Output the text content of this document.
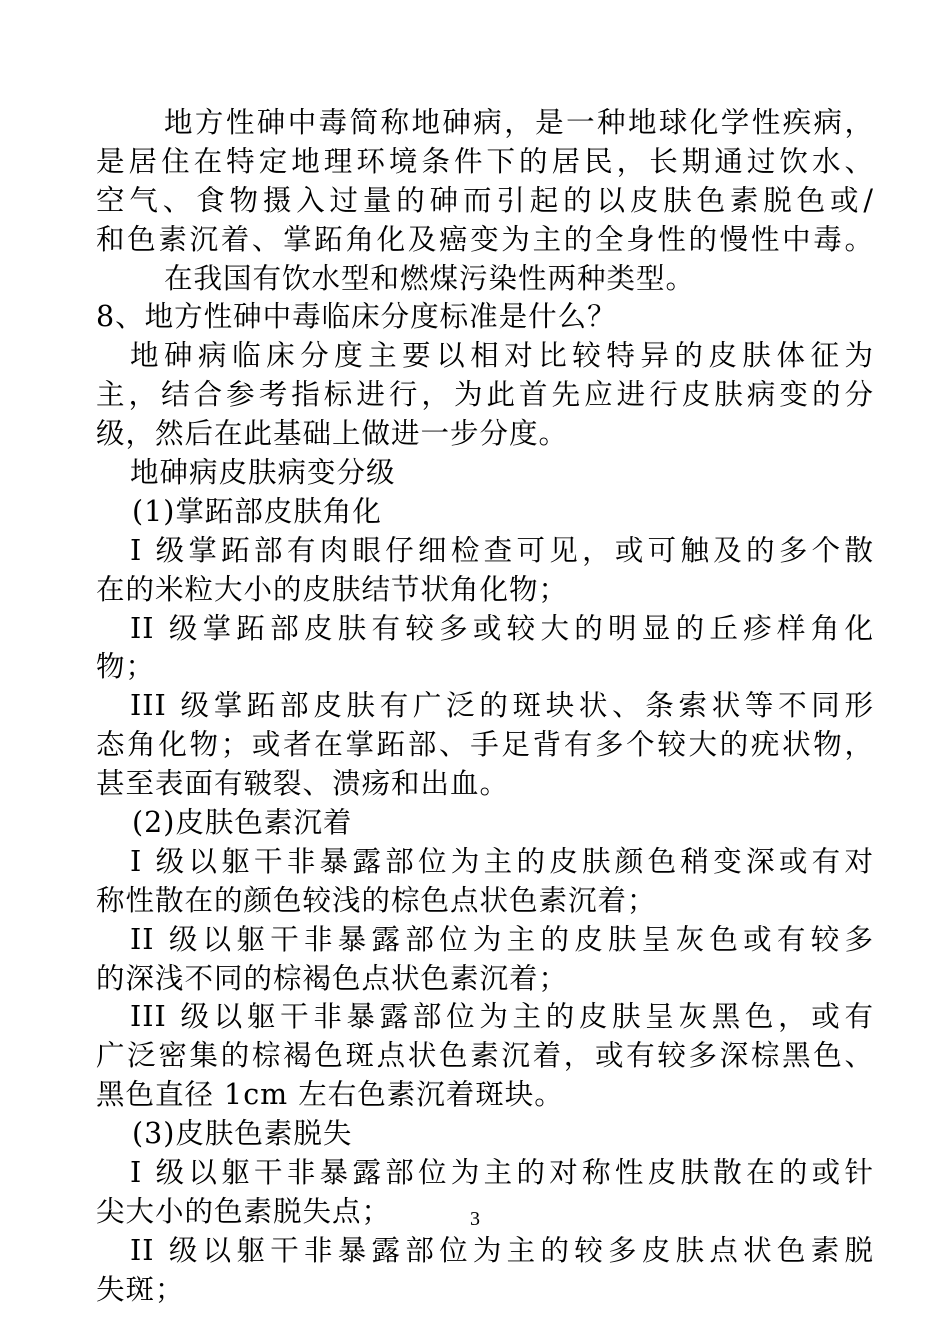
地方性砷中毒简称地砷病，是一种地球化学性疾病，
是居住在特定地理环境条件下的居民，长期通过饮水、
空气、食物摄入过量的砷而引起的以皮肤色素脱色或/
和色素沉着、掌跖角化及癌变为主的全身性的慢性中毒。
在我国有饮水型和燃煤污染性两种类型。
8、地方性砷中毒临床分度标准是什么？
地砷病临床分度主要以相对比较特异的皮肤体征为
主，结合参考指标进行，为此首先应进行皮肤病变的分
级，然后在此基础上做进一步分度。
地砷病皮肤病变分级
(1)掌跖部皮肤角化
I 级掌跖部有肉眼仔细检查可见，或可触及的多个散
在的米粒大小的皮肤结节状角化物；
II 级掌跖部皮肤有较多或较大的明显的丘疹样角化
物；
III 级掌跖部皮肤有广泛的斑块状、条索状等不同形
态角化物；或者在掌跖部、手足背有多个较大的疣状物，
甚至表面有皲裂、溃疡和出血。
(2)皮肤色素沉着
I 级以躯干非暴露部位为主的皮肤颜色稍变深或有对
称性散在的颜色较浅的棕色点状色素沉着；
II 级以躯干非暴露部位为主的皮肤呈灰色或有较多
的深浅不同的棕褐色点状色素沉着；
III 级以躯干非暴露部位为主的皮肤呈灰黑色，或有
广泛密集的棕褐色斑点状色素沉着，或有较多深棕黑色、
黑色直径 1cm 左右色素沉着斑块。
(3)皮肤色素脱失
I 级以躯干非暴露部位为主的对称性皮肤散在的或针
尖大小的色素脱失点；
II 级以躯干非暴露部位为主的较多皮肤点状色素脱
失斑；
3
